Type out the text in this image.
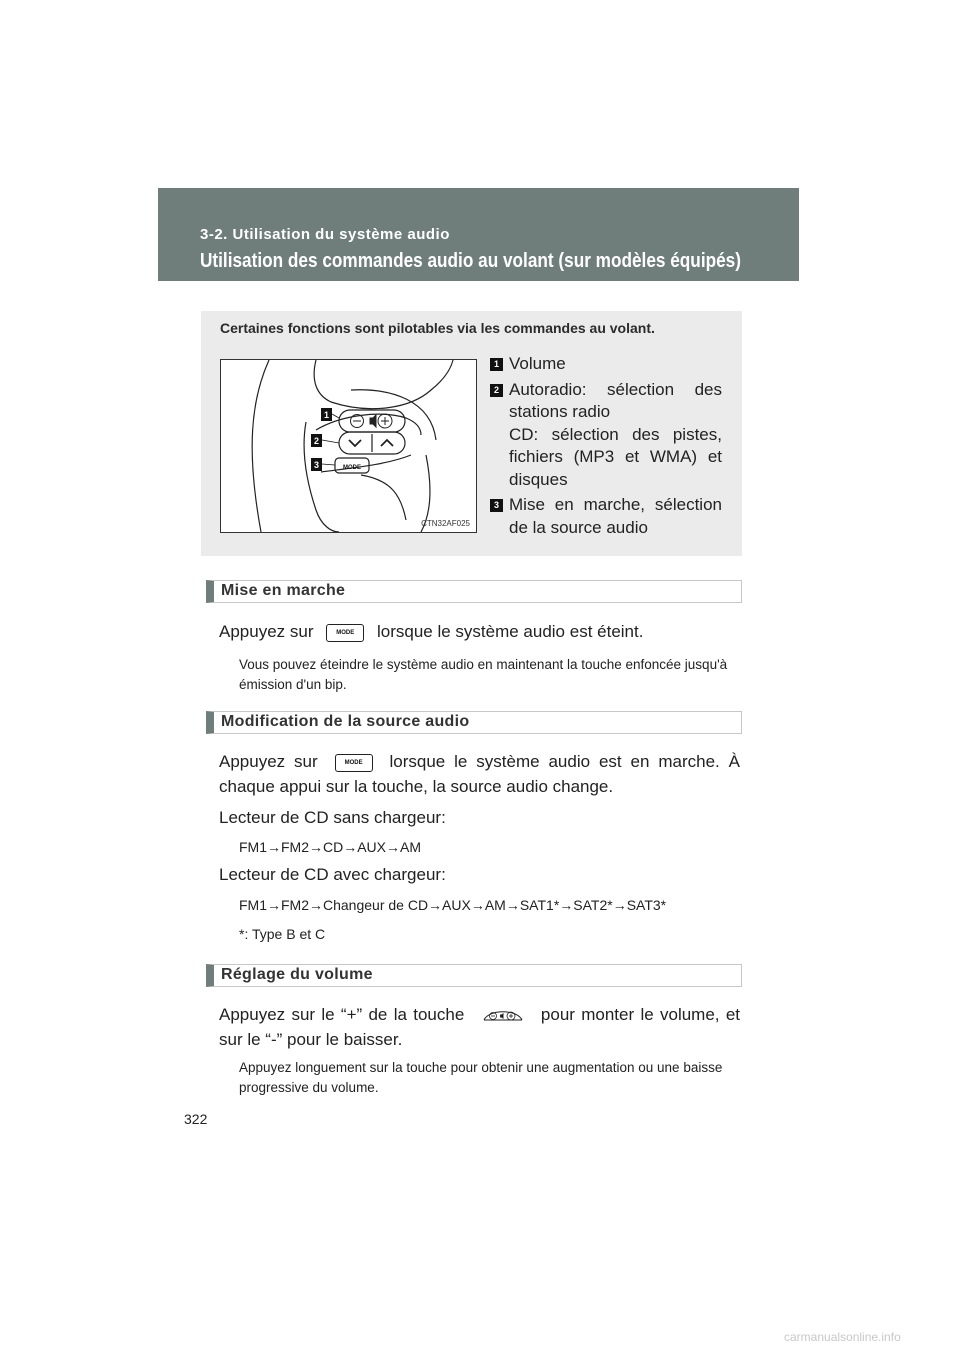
3-2. Utilisation du système audio
Utilisation des commandes audio au volant (sur modèles équipés)
Certaines fonctions sont pilotables via les commandes au volant.
MODE
1
2
3
CTN32AF025
1 Volume
2 Autoradio: sélection des stations radio
CD: sélection des pistes, fichiers (MP3 et WMA) et disques
3 Mise en marche, sélection de la source audio
Mise en marche
Appuyez sur	MODE lorsque le système audio est éteint.
Vous pouvez éteindre le système audio en maintenant la touche enfoncée jusqu'à émission d'un bip.
Modification de la source audio
Appuyez sur	MODE lorsque le système audio est en marche. À chaque appui sur la touche, la source audio change.
Lecteur de CD sans chargeur:
FM1→FM2→CD→AUX→AM
Lecteur de CD avec chargeur:
FM1→FM2→Changeur de CD→AUX→AM→SAT1*→SAT2*→SAT3*
*: Type B et C
Réglage du volume
Appuyez sur le “+” de la touche	pour monter le volume, et sur le “-” pour le baisser.
Appuyez longuement sur la touche pour obtenir une augmentation ou une baisse progressive du volume.
322
carmanualsonline.info
